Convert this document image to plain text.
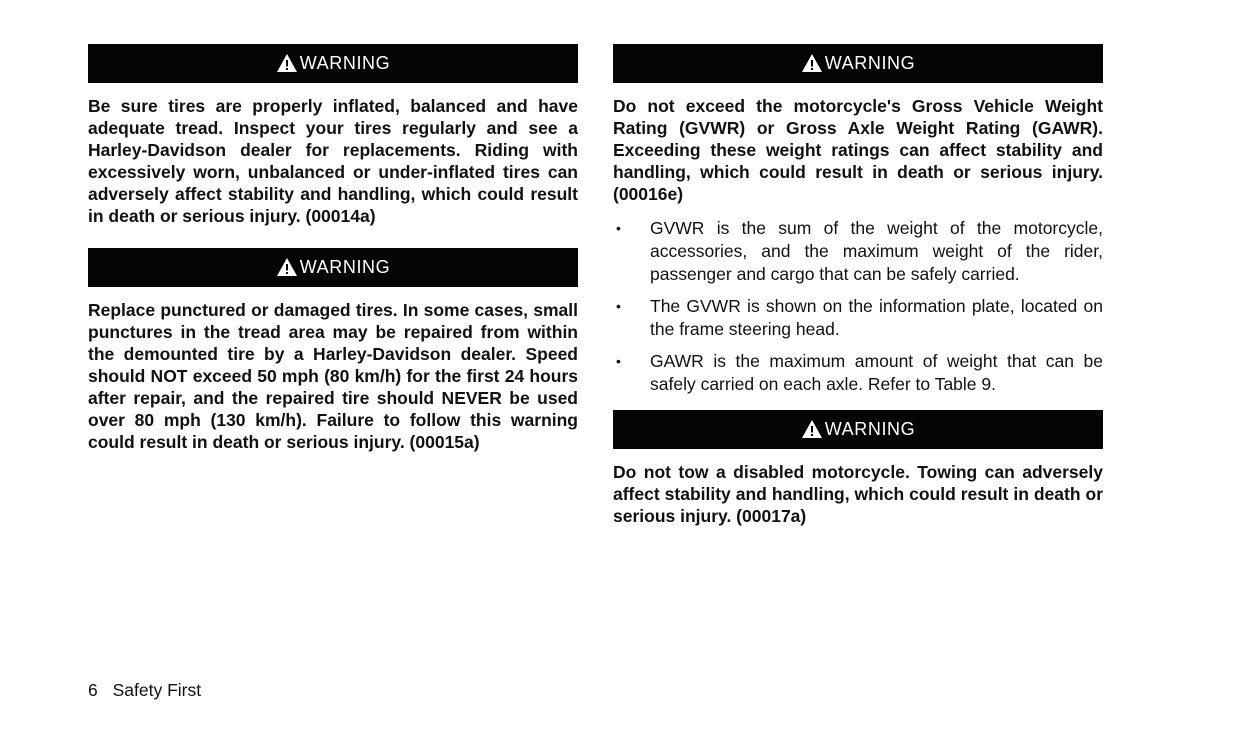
WARNING

Be sure tires are properly inflated, balanced and have adequate tread. Inspect your tires regularly and see a Harley-Davidson dealer for replacements. Riding with excessively worn, unbalanced or under-inflated tires can adversely affect stability and handling, which could result in death or serious injury. (00014a)

WARNING

Replace punctured or damaged tires. In some cases, small punctures in the tread area may be repaired from within the demounted tire by a Harley-Davidson dealer. Speed should NOT exceed 50 mph (80 km/h) for the first 24 hours after repair, and the repaired tire should NEVER be used over 80 mph (130 km/h). Failure to follow this warning could result in death or serious injury. (00015a)

WARNING

Do not exceed the motorcycle's Gross Vehicle Weight Rating (GVWR) or Gross Axle Weight Rating (GAWR). Exceeding these weight ratings can affect stability and handling, which could result in death or serious injury. (00016e)

• GVWR is the sum of the weight of the motorcycle, accessories, and the maximum weight of the rider, passenger and cargo that can be safely carried.
• The GVWR is shown on the information plate, located on the frame steering head.
• GAWR is the maximum amount of weight that can be safely carried on each axle. Refer to Table 9.
WARNING

Do not tow a disabled motorcycle. Towing can adversely affect stability and handling, which could result in death or serious injury. (00017a)

6 Safety First
